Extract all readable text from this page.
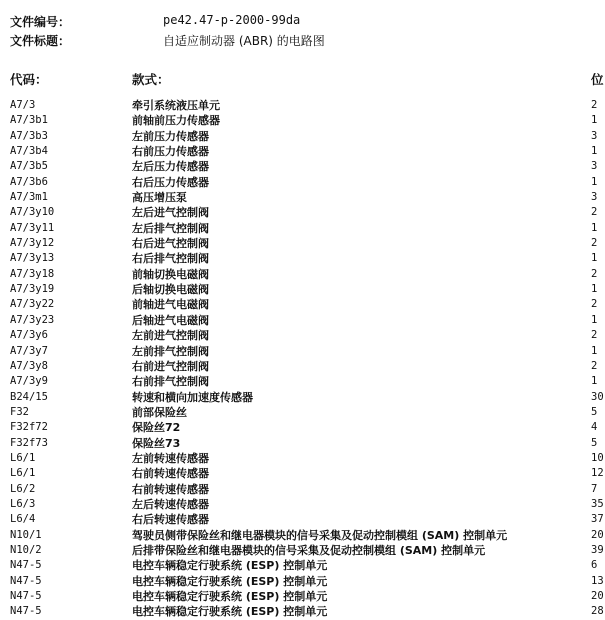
文件编号：	pe42.47-p-2000-99da
文件标题：	自适应制动器 (ABR) 的电路图
代码：	款式：	位
A7/3	牵引系统液压单元	2
A7/3b1	前轴前压力传感器	1
A7/3b3	左前压力传感器	3
A7/3b4	右前压力传感器	1
A7/3b5	左后压力传感器	3
A7/3b6	右后压力传感器	1
A7/3m1	高压增压泵	3
A7/3y10	左后进气控制阀	2
A7/3y11	左后排气控制阀	1
A7/3y12	右后进气控制阀	2
A7/3y13	右后排气控制阀	1
A7/3y18	前轴切换电磁阀	2
A7/3y19	后轴切换电磁阀	1
A7/3y22	前轴进气电磁阀	2
A7/3y23	后轴进气电磁阀	1
A7/3y6	左前进气控制阀	2
A7/3y7	左前排气控制阀	1
A7/3y8	右前进气控制阀	2
A7/3y9	右前排气控制阀	1
B24/15	转速和横向加速度传感器	30
F32	前部保险丝	5
F32f72	保险丝72	4
F32f73	保险丝73	5
L6/1	左前转速传感器	10
L6/1	右前转速传感器	12
L6/2	右前转速传感器	7
L6/3	左后转速传感器	35
L6/4	右后转速传感器	37
N10/1	驾驶员侧带保险丝和继电器模块的信号采集及促动控制模组 (SAM) 控制单元	20
N10/2	后排带保险丝和继电器模块的信号采集及促动控制模组 (SAM) 控制单元	39
N47-5	电控车辆稳定行驶系统 (ESP) 控制单元	6
N47-5	电控车辆稳定行驶系统 (ESP) 控制单元	13
N47-5	电控车辆稳定行驶系统 (ESP) 控制单元	20
N47-5	电控车辆稳定行驶系统 (ESP) 控制单元	28
